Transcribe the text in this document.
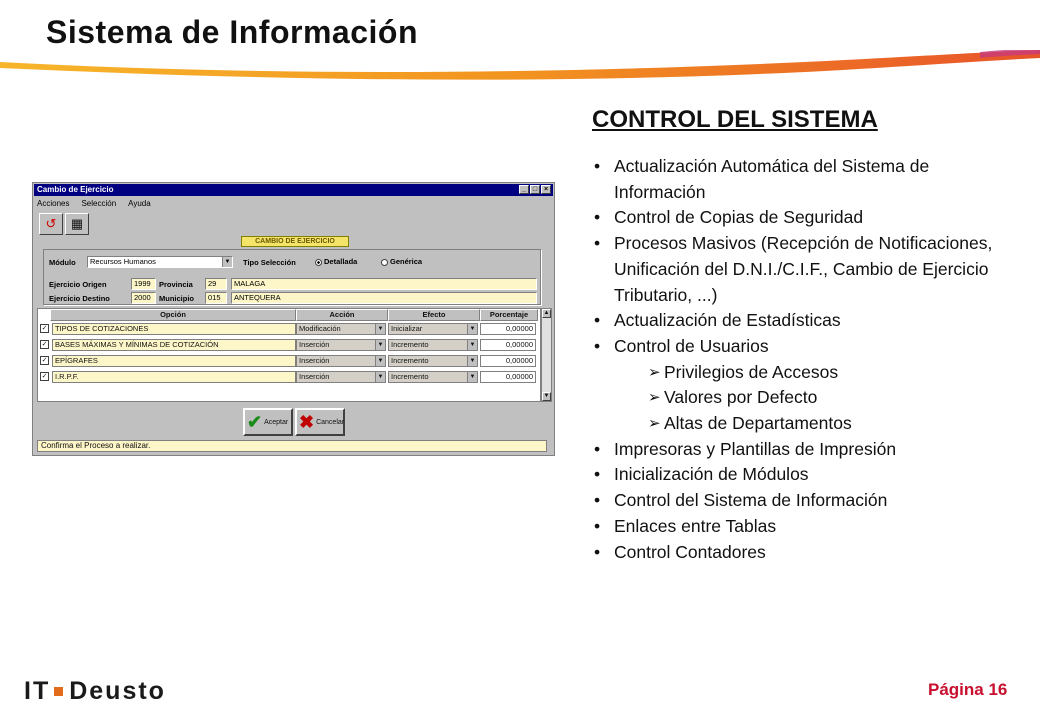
Sistema de Información
CONTROL DEL SISTEMA
• Actualización Automática del Sistema de Información
• Control de Copias de Seguridad
• Procesos Masivos (Recepción de Notificaciones, Unificación del D.N.I./C.I.F., Cambio de Ejercicio Tributario, ...)
• Actualización de Estadísticas
• Control de Usuarios
➢ Privilegios de Accesos
➢ Valores por Defecto
➢ Altas de Departamentos
• Impresoras y Plantillas de Impresión
• Inicialización de Módulos
• Control del Sistema de Información
• Enlaces entre Tablas
• Control Contadores
Cambio de Ejercicio	_ □ ×
Acciones Selección Ayuda
↺	▦
CAMBIO DE EJERCICIO
Módulo	Recursos Humanos	▼ Tipo Selección	Detallada	Genérica
Ejercicio Origen	1999	Provincia	29	MALAGA
Ejercicio Destino	2000	Municipio	015	ANTEQUERA
Opción	Acción	Efecto	Porcentaje
✓	TIPOS DE COTIZACIONES	Modificación	▼	Inicializar	▼	0,00000
✓	BASES MÁXIMAS Y MÍNIMAS DE COTIZACIÓN	Inserción	▼	Incremento	▼	0,00000
✓	EPÍGRAFES	Inserción	▼	Incremento	▼	0,00000
✓	I.R.P.F.	Inserción	▼	Incremento	▼	0,00000
▲
▼
✔ Aceptar ✖ Cancelar
Confirma el Proceso a realizar.
IT Deusto	Página 16
